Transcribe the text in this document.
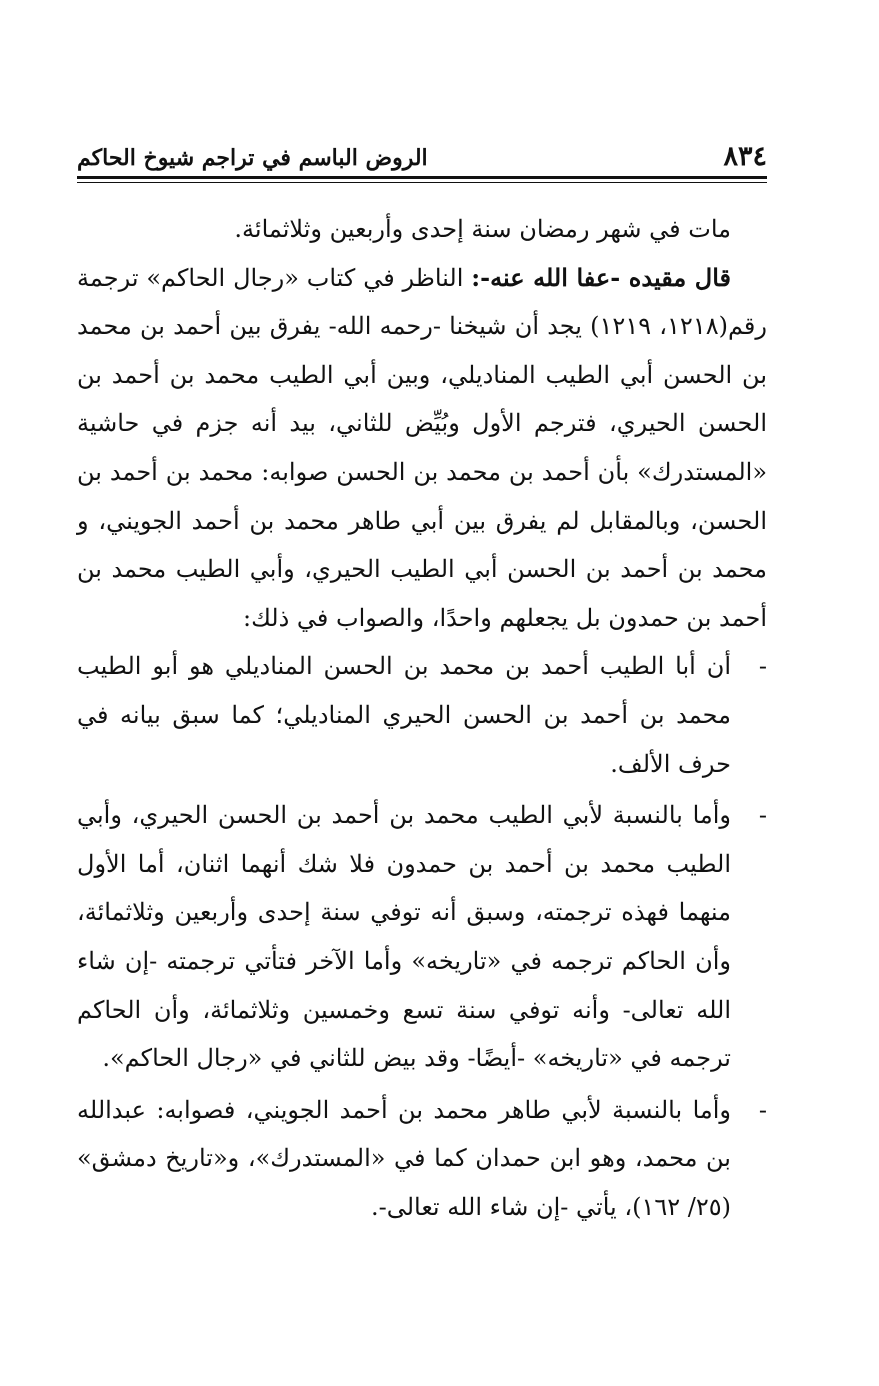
٨٣٤
الروض الباسم في تراجم شيوخ الحاكم

مات في شهر رمضان سنة إحدى وأربعين وثلاثمائة.

قال مقيده -عفا الله عنه-: الناظر في كتاب «رجال الحاكم» ترجمة رقم(١٢١٨، ١٢١٩) يجد أن شيخنا -رحمه الله- يفرق بين أحمد بن محمد بن الحسن أبي الطيب المناديلي، وبين أبي الطيب محمد بن أحمد بن الحسن الحيري، فترجم الأول وبُيِّض للثاني، بيد أنه جزم في حاشية «المستدرك» بأن أحمد بن محمد بن الحسن صوابه: محمد بن أحمد بن الحسن، وبالمقابل لم يفرق بين أبي طاهر محمد بن أحمد الجويني، و محمد بن أحمد بن الحسن أبي الطيب الحيري، وأبي الطيب محمد بن أحمد بن حمدون بل يجعلهم واحدًا، والصواب في ذلك:

-
أن أبا الطيب أحمد بن محمد بن الحسن المناديلي هو أبو الطيب محمد بن أحمد بن الحسن الحيري المناديلي؛ كما سبق بيانه في حرف الألف.

-
وأما بالنسبة لأبي الطيب محمد بن أحمد بن الحسن الحيري، وأبي الطيب محمد بن أحمد بن حمدون فلا شك أنهما اثنان، أما الأول منهما فهذه ترجمته، وسبق أنه توفي سنة إحدى وأربعين وثلاثمائة، وأن الحاكم ترجمه في «تاريخه» وأما الآخر فتأتي ترجمته -إن شاء الله تعالى- وأنه توفي سنة تسع وخمسين وثلاثمائة، وأن الحاكم ترجمه في «تاريخه» -أيضًا- وقد بيض للثاني في «رجال الحاكم».

-
وأما بالنسبة لأبي طاهر محمد بن أحمد الجويني، فصوابه: عبدالله بن محمد، وهو ابن حمدان كما في «المستدرك»، و«تاريخ دمشق» (٢٥/ ١٦٢)، يأتي -إن شاء الله تعالى-.
